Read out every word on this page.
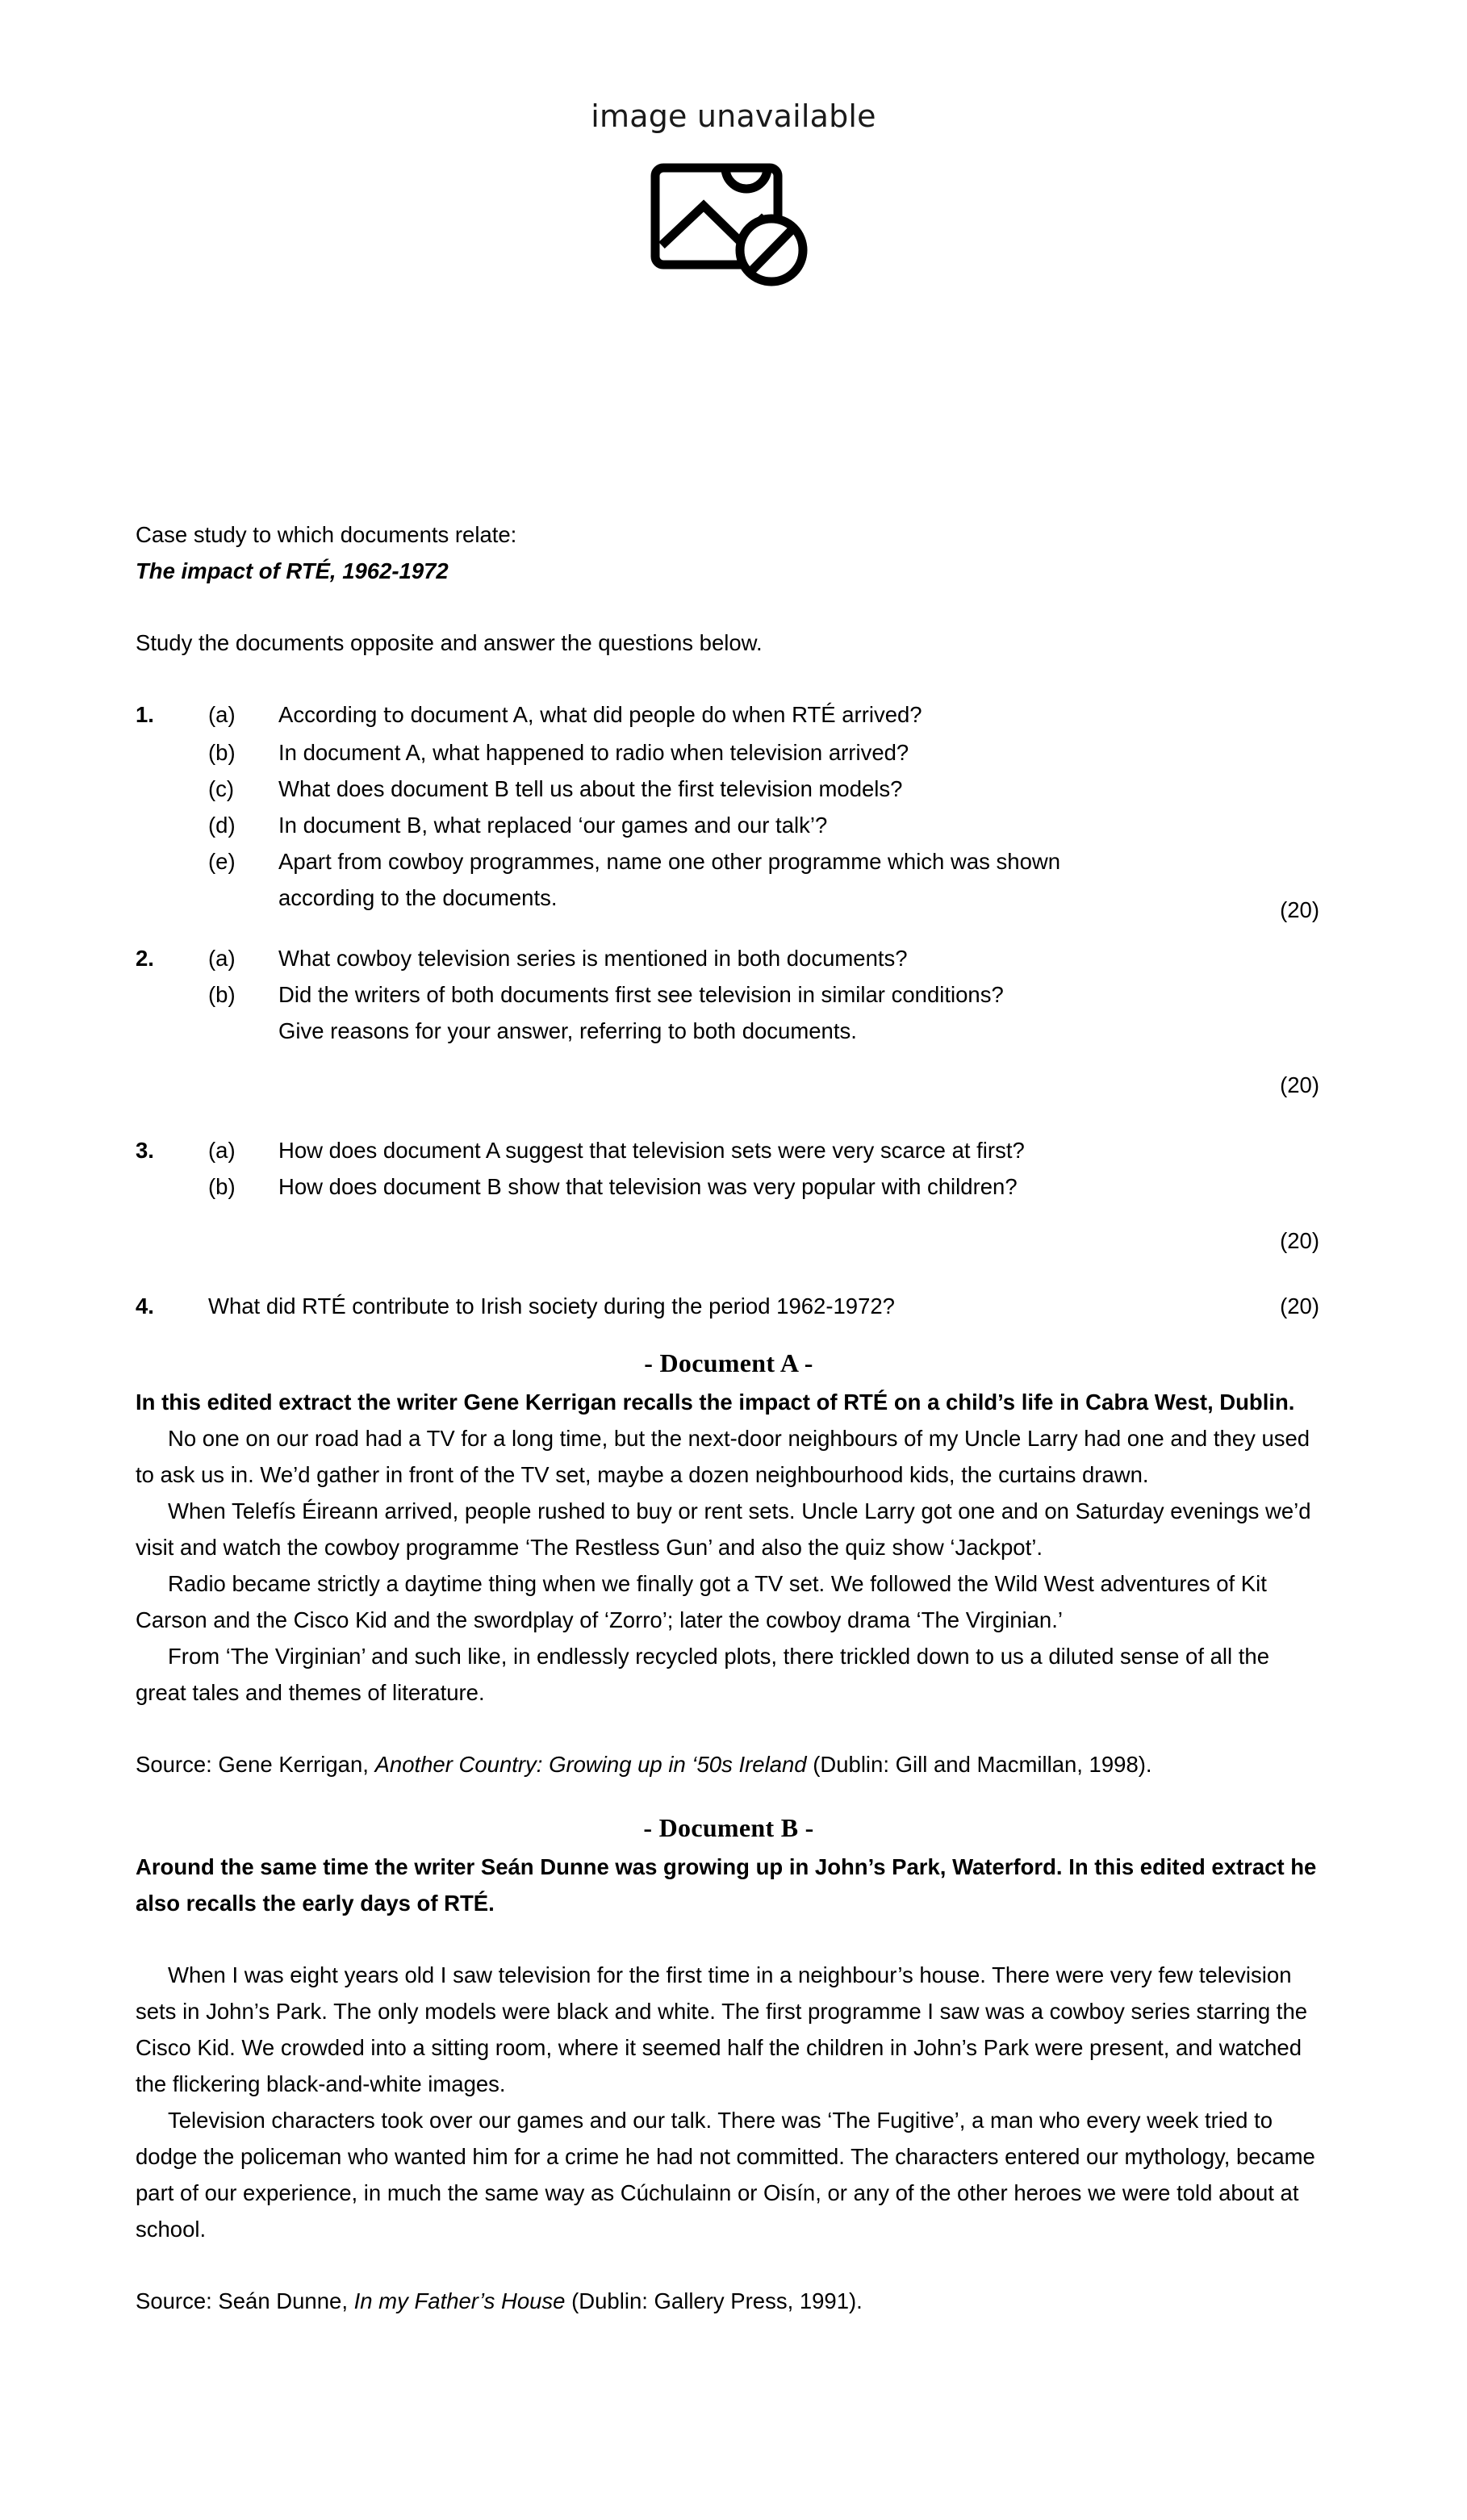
image unavailable
Case study to which documents relate:
The impact of RTÉ, 1962-1972
Study the documents opposite and answer the questions below.
1.	(a)	According to document A, what did people do when RTÉ arrived?
(b)	In document A, what happened to radio when television arrived?
(c)	What does document B tell us about the first television models?
(d)	In document B, what replaced ‘our games and our talk’?
(e)	Apart from cowboy programmes, name one other programme which was shown
according to the documents.	(20)
2.	(a)	What cowboy television series is mentioned in both documents?
(b)	Did the writers of both documents first see television in similar conditions?
Give reasons for your answer, referring to both documents.
(20)
3.	(a)	How does document A suggest that television sets were very scarce at first?
(b)	How does document B show that television was very popular with children?
(20)
4.	What did RTÉ contribute to Irish society during the period 1962-1972?	(20)
- Document A -
In this edited extract the writer Gene Kerrigan recalls the impact of RTÉ on a child’s life in Cabra West, Dublin.
No one on our road had a TV for a long time, but the next-door neighbours of my Uncle Larry had one and they used to ask us in. We’d gather in front of the TV set, maybe a dozen neighbourhood kids, the curtains drawn.
When Telefís Éireann arrived, people rushed to buy or rent sets. Uncle Larry got one and on Saturday evenings we’d visit and watch the cowboy programme ‘The Restless Gun’ and also the quiz show ‘Jackpot’.
Radio became strictly a daytime thing when we finally got a TV set. We followed the Wild West adventures of Kit Carson and the Cisco Kid and the swordplay of ‘Zorro’; later the cowboy drama ‘The Virginian.’
From ‘The Virginian’ and such like, in endlessly recycled plots, there trickled down to us a diluted sense of all the great tales and themes of literature.
Source: Gene Kerrigan, Another Country: Growing up in ‘50s Ireland (Dublin: Gill and Macmillan, 1998).
- Document B -
Around the same time the writer Seán Dunne was growing up in John’s Park, Waterford. In this edited extract he also recalls the early days of RTÉ.
When I was eight years old I saw television for the first time in a neighbour’s house. There were very few television sets in John’s Park. The only models were black and white. The first programme I saw was a cowboy series starring the Cisco Kid. We crowded into a sitting room, where it seemed half the children in John’s Park were present, and watched the flickering black-and-white images.
Television characters took over our games and our talk. There was ‘The Fugitive’, a man who every week tried to dodge the policeman who wanted him for a crime he had not committed. The characters entered our mythology, became part of our experience, in much the same way as Cúchulainn or Oisín, or any of the other heroes we were told about at school.
Source: Seán Dunne, In my Father’s House (Dublin: Gallery Press, 1991).
